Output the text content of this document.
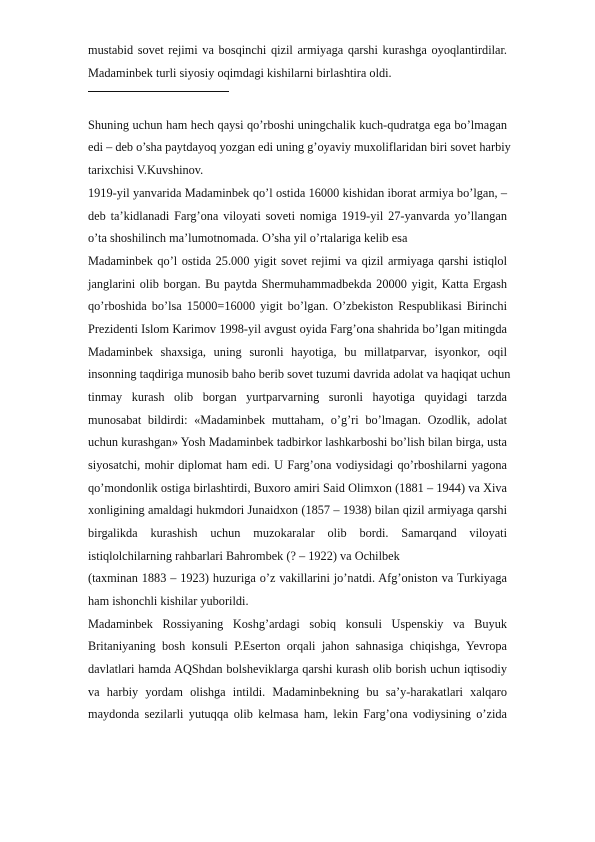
mustabid sovet rejimi va bosqinchi qizil armiyaga qarshi kurashga oyoqlantirdilar.
Madaminbek turli siyosiy oqimdagi kishilarni birlashtira oldi.
Shuning uchun ham hech qaysi qo’rboshi uningchalik kuch-qudratga ega bo’lmagan
edi – deb o’sha paytdayoq yozgan edi uning g’oyaviy muxoliflaridan biri sovet harbiy
tarixchisi V.Kuvshinov.
1919-yil yanvarida Madaminbek qo’l ostida 16000 kishidan iborat armiya bo’lgan, –
deb ta’kidlanadi Farg’ona viloyati soveti nomiga 1919-yil 27-yanvarda yo’llangan
o’ta shoshilinch ma’lumotnomada. O’sha yil o’rtalariga kelib esa
Madaminbek qo’l ostida 25.000 yigit sovet rejimi va qizil armiyaga qarshi istiqlol
janglarini olib borgan. Bu paytda Shermuhammadbekda 20000 yigit, Katta Ergash
qo’rboshida bo’lsa 15000=16000 yigit bo’lgan. O’zbekiston Respublikasi Birinchi
Prezidenti Islom Karimov 1998-yil avgust oyida Farg’ona shahrida bo’lgan mitingda
Madaminbek shaxsiga, uning suronli hayotiga, bu millatparvar, isyonkor, oqil
insonning taqdiriga munosib baho berib sovet tuzumi davrida adolat va haqiqat uchun
tinmay kurash olib borgan yurtparvarning suronli hayotiga quyidagi tarzda
munosabat bildirdi: «Madaminbek muttaham, o’g’ri bo’lmagan. Ozodlik, adolat
uchun kurashgan» Yosh Madaminbek tadbirkor lashkarboshi bo’lish bilan birga, usta
siyosatchi, mohir diplomat ham edi. U Farg’ona vodiysidagi qo’rboshilarni yagona
qo’mondonlik ostiga birlashtirdi, Buxoro amiri Said Olimxon (1881 – 1944) va Xiva
xonligining amaldagi hukmdori Junaidxon (1857 – 1938) bilan qizil armiyaga qarshi
birgalikda kurashish uchun muzokaralar olib bordi. Samarqand viloyati
istiqlolchilarning rahbarlari Bahrombek (? – 1922) va Ochilbek
(taxminan 1883 – 1923) huzuriga o’z vakillarini jo’natdi. Afg’oniston va Turkiyaga
ham ishonchli kishilar yuborildi.
Madaminbek Rossiyaning Koshg’ardagi sobiq konsuli Uspenskiy va Buyuk
Britaniyaning bosh konsuli P.Eserton orqali jahon sahnasiga chiqishga, Yevropa
davlatlari hamda AQShdan bolsheviklarga qarshi kurash olib borish uchun iqtisodiy
va harbiy yordam olishga intildi. Madaminbekning bu sa’y-harakatlari xalqaro
maydonda sezilarli yutuqqa olib kelmasa ham, lekin Farg’ona vodiysining o’zida
